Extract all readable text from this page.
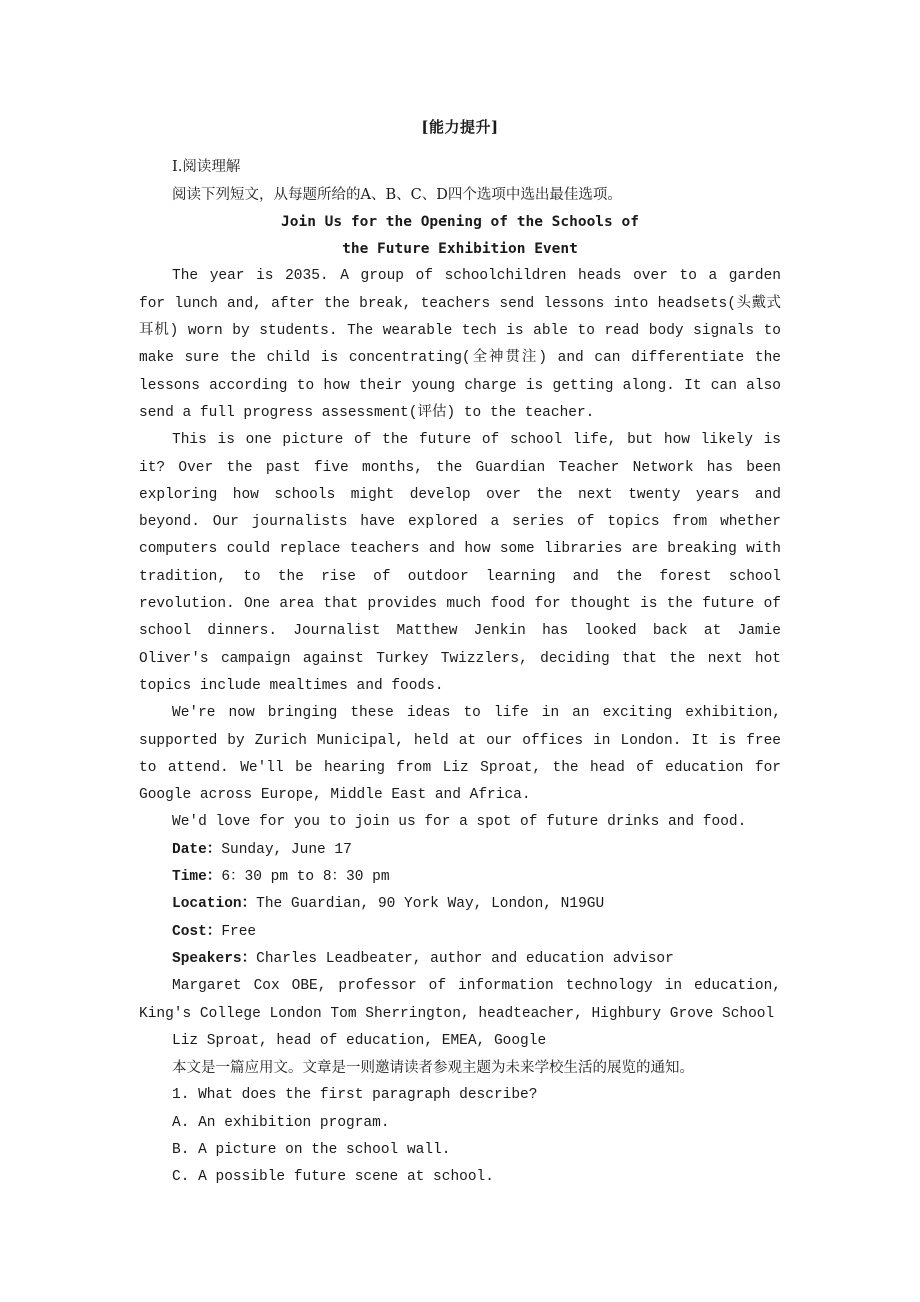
[能力提升]
Ⅰ.阅读理解
阅读下列短文，从每题所给的A、B、C、D四个选项中选出最佳选项。
Join Us for the Opening of the Schools of
the Future Exhibition Event

The year is 2035. A group of schoolchildren heads over to a garden for lunch and, after the break, teachers send lessons into headsets(头戴式耳机) worn by students. The wearable tech is able to read body signals to make sure the child is concentrating(全神贯注) and can differentiate the lessons according to how their young charge is getting along. It can also send a full progress assessment(评估) to the teacher.

This is one picture of the future of school life, but how likely is it? Over the past five months, the Guardian Teacher Network has been exploring how schools might develop over the next twenty years and beyond. Our journalists have explored a series of topics from whether computers could replace teachers and how some libraries are breaking with tradition, to the rise of outdoor learning and the forest school revolution. One area that provides much food for thought is the future of school dinners. Journalist Matthew Jenkin has looked back at Jamie Oliver's campaign against Turkey Twizzlers, deciding that the next hot topics include mealtimes and foods.

We're now bringing these ideas to life in an exciting exhibition, supported by Zurich Municipal, held at our offices in London. It is free to attend. We'll be hearing from Liz Sproat, the head of education for Google across Europe, Middle East and Africa.

We'd love for you to join us for a spot of future drinks and food.

Date：Sunday, June 17
Time：6：30 pm to 8：30 pm
Location：The Guardian, 90 York Way, London, N19GU
Cost：Free
Speakers：Charles Leadbeater, author and education advisor

Margaret Cox OBE, professor of information technology in education, King's College London Tom Sherrington, headteacher, Highbury Grove School

Liz Sproat, head of education, EMEA, Google
本文是一篇应用文。文章是一则邀请读者参观主题为未来学校生活的展览的通知。
1. What does the first paragraph describe?
A. An exhibition program.
B. A picture on the school wall.
C. A possible future scene at school.
